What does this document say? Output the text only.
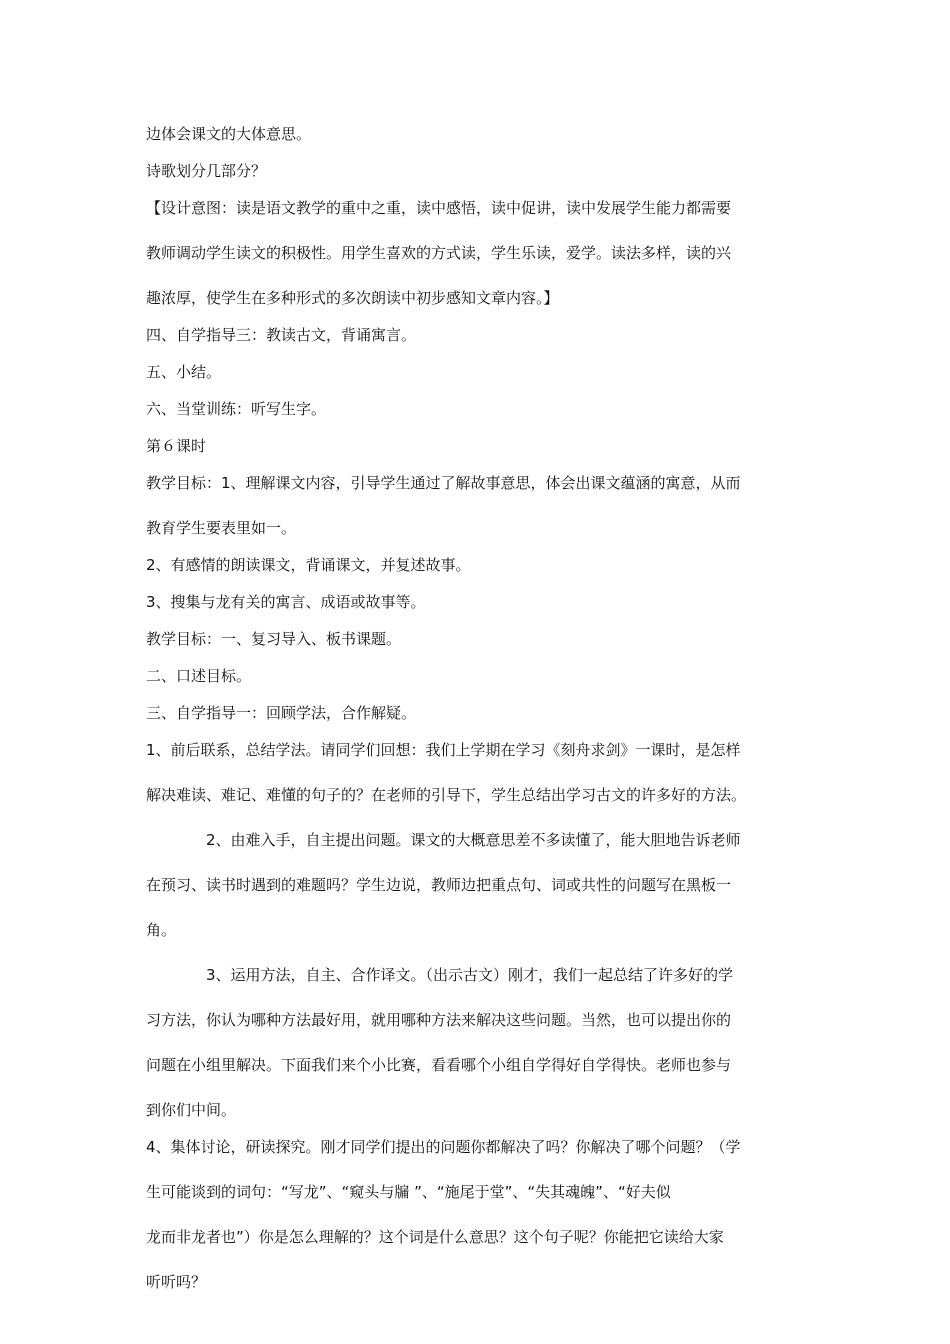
边体会课文的大体意思。

诗歌划分几部分？

【设计意图：读是语文教学的重中之重，读中感悟，读中促讲，读中发展学生能力都需要

教师调动学生读文的积极性。用学生喜欢的方式读，学生乐读，爱学。读法多样，读的兴

趣浓厚，使学生在多种形式的多次朗读中初步感知文章内容。】

四、自学指导三：教读古文，背诵寓言。

五、小结。

六、当堂训练：听写生字。

第６课时

教学目标：1、理解课文内容，引导学生通过了解故事意思，体会出课文蕴涵的寓意，从而

教育学生要表里如一。

2、有感情的朗读课文，背诵课文，并复述故事。

3、搜集与龙有关的寓言、成语或故事等。

教学目标：一、复习导入、板书课题。

二、口述目标。

三、自学指导一：回顾学法，合作解疑。

1、前后联系，总结学法。请同学们回想：我们上学期在学习《刻舟求剑》一课时，是怎样

解决难读、难记、难懂的句子的？在老师的引导下，学生总结出学习古文的许多好的方法。

2、由难入手，自主提出问题。课文的大概意思差不多读懂了，能大胆地告诉老师

在预习、读书时遇到的难题吗？学生边说，教师边把重点句、词或共性的问题写在黑板一

角。

3、运用方法，自主、合作译文。（出示古文）刚才，我们一起总结了许多好的学

习方法，你认为哪种方法最好用，就用哪种方法来解决这些问题。当然，也可以提出你的

问题在小组里解决。下面我们来个小比赛，看看哪个小组自学得好自学得快。老师也参与

到你们中间。

4、集体讨论，研读探究。刚才同学们提出的问题你都解决了吗？你解决了哪个问题？（学

生可能谈到的词句：“写龙”、“窥头与牖 ”、“施尾于堂”、“失其魂魄”、“好夫似

龙而非龙者也”）你是怎么理解的？这个词是什么意思？这个句子呢？你能把它读给大家

听听吗？
